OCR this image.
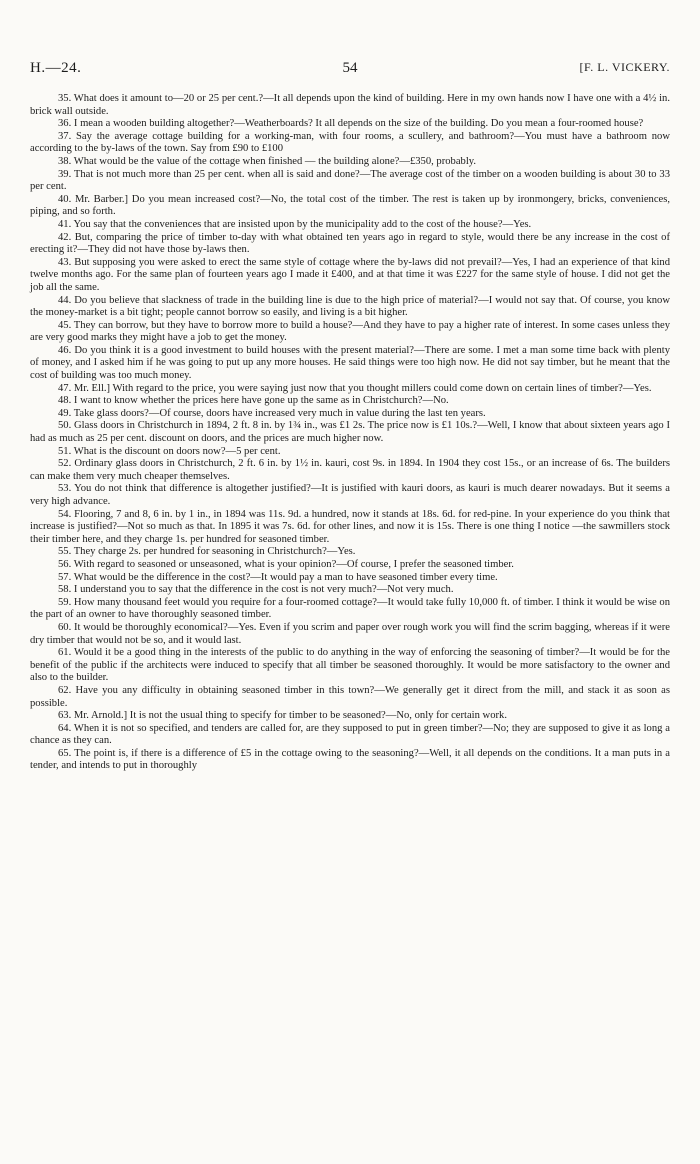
H.—24.	54	[F. L. VICKERY.

35. What does it amount to—20 or 25 per cent.?—It all depends upon the kind of building. Here in my own hands now I have one with a 4½ in. brick wall outside.

36. I mean a wooden building altogether?—Weatherboards? It all depends on the size of the building. Do you mean a four-roomed house?

37. Say the average cottage building for a working-man, with four rooms, a scullery, and bathroom?—You must have a bathroom now according to the by-laws of the town. Say from £90 to £100

38. What would be the value of the cottage when finished — the building alone?—£350, probably.

39. That is not much more than 25 per cent. when all is said and done?—The average cost of the timber on a wooden building is about 30 to 33 per cent.

40. Mr. Barber.] Do you mean increased cost?—No, the total cost of the timber. The rest is taken up by ironmongery, bricks, conveniences, piping, and so forth.

41. You say that the conveniences that are insisted upon by the municipality add to the cost of the house?—Yes.

42. But, comparing the price of timber to-day with what obtained ten years ago in regard to style, would there be any increase in the cost of erecting it?—They did not have those by-laws then.

43. But supposing you were asked to erect the same style of cottage where the by-laws did not prevail?—Yes, I had an experience of that kind twelve months ago. For the same plan of fourteen years ago I made it £400, and at that time it was £227 for the same style of house. I did not get the job all the same.

44. Do you believe that slackness of trade in the building line is due to the high price of material?—I would not say that. Of course, you know the money-market is a bit tight; people cannot borrow so easily, and living is a bit higher.

45. They can borrow, but they have to borrow more to build a house?—And they have to pay a higher rate of interest. In some cases unless they are very good marks they might have a job to get the money.

46. Do you think it is a good investment to build houses with the present material?—There are some. I met a man some time back with plenty of money, and I asked him if he was going to put up any more houses. He said things were too high now. He did not say timber, but he meant that the cost of building was too much money.

47. Mr. Ell.] With regard to the price, you were saying just now that you thought millers could come down on certain lines of timber?—Yes.

48. I want to know whether the prices here have gone up the same as in Christchurch?—No.

49. Take glass doors?—Of course, doors have increased very much in value during the last ten years.

50. Glass doors in Christchurch in 1894, 2 ft. 8 in. by 1¾ in., was £1 2s. The price now is £1 10s.?—Well, I know that about sixteen years ago I had as much as 25 per cent. discount on doors, and the prices are much higher now.

51. What is the discount on doors now?—5 per cent.

52. Ordinary glass doors in Christchurch, 2 ft. 6 in. by 1½ in. kauri, cost 9s. in 1894. In 1904 they cost 15s., or an increase of 6s. The builders can make them very much cheaper themselves.

53. You do not think that difference is altogether justified?—It is justified with kauri doors, as kauri is much dearer nowadays. But it seems a very high advance.

54. Flooring, 7 and 8, 6 in. by 1 in., in 1894 was 11s. 9d. a hundred, now it stands at 18s. 6d. for red-pine. In your experience do you think that increase is justified?—Not so much as that. In 1895 it was 7s. 6d. for other lines, and now it is 15s. There is one thing I notice —the sawmillers stock their timber here, and they charge 1s. per hundred for seasoned timber.

55. They charge 2s. per hundred for seasoning in Christchurch?—Yes.

56. With regard to seasoned or unseasoned, what is your opinion?—Of course, I prefer the seasoned timber.

57. What would be the difference in the cost?—It would pay a man to have seasoned timber every time.

58. I understand you to say that the difference in the cost is not very much?—Not very much.

59. How many thousand feet would you require for a four-roomed cottage?—It would take fully 10,000 ft. of timber. I think it would be wise on the part of an owner to have thoroughly seasoned timber.

60. It would be thoroughly economical?—Yes. Even if you scrim and paper over rough work you will find the scrim bagging, whereas if it were dry timber that would not be so, and it would last.

61. Would it be a good thing in the interests of the public to do anything in the way of enforcing the seasoning of timber?—It would be for the benefit of the public if the architects were induced to specify that all timber be seasoned thoroughly. It would be more satisfactory to the owner and also to the builder.

62. Have you any difficulty in obtaining seasoned timber in this town?—We generally get it direct from the mill, and stack it as soon as possible.

63. Mr. Arnold.] It is not the usual thing to specify for timber to be seasoned?—No, only for certain work.

64. When it is not so specified, and tenders are called for, are they supposed to put in green timber?—No; they are supposed to give it as long a chance as they can.

65. The point is, if there is a difference of £5 in the cottage owing to the seasoning?—Well, it all depends on the conditions. It a man puts in a tender, and intends to put in thoroughly
